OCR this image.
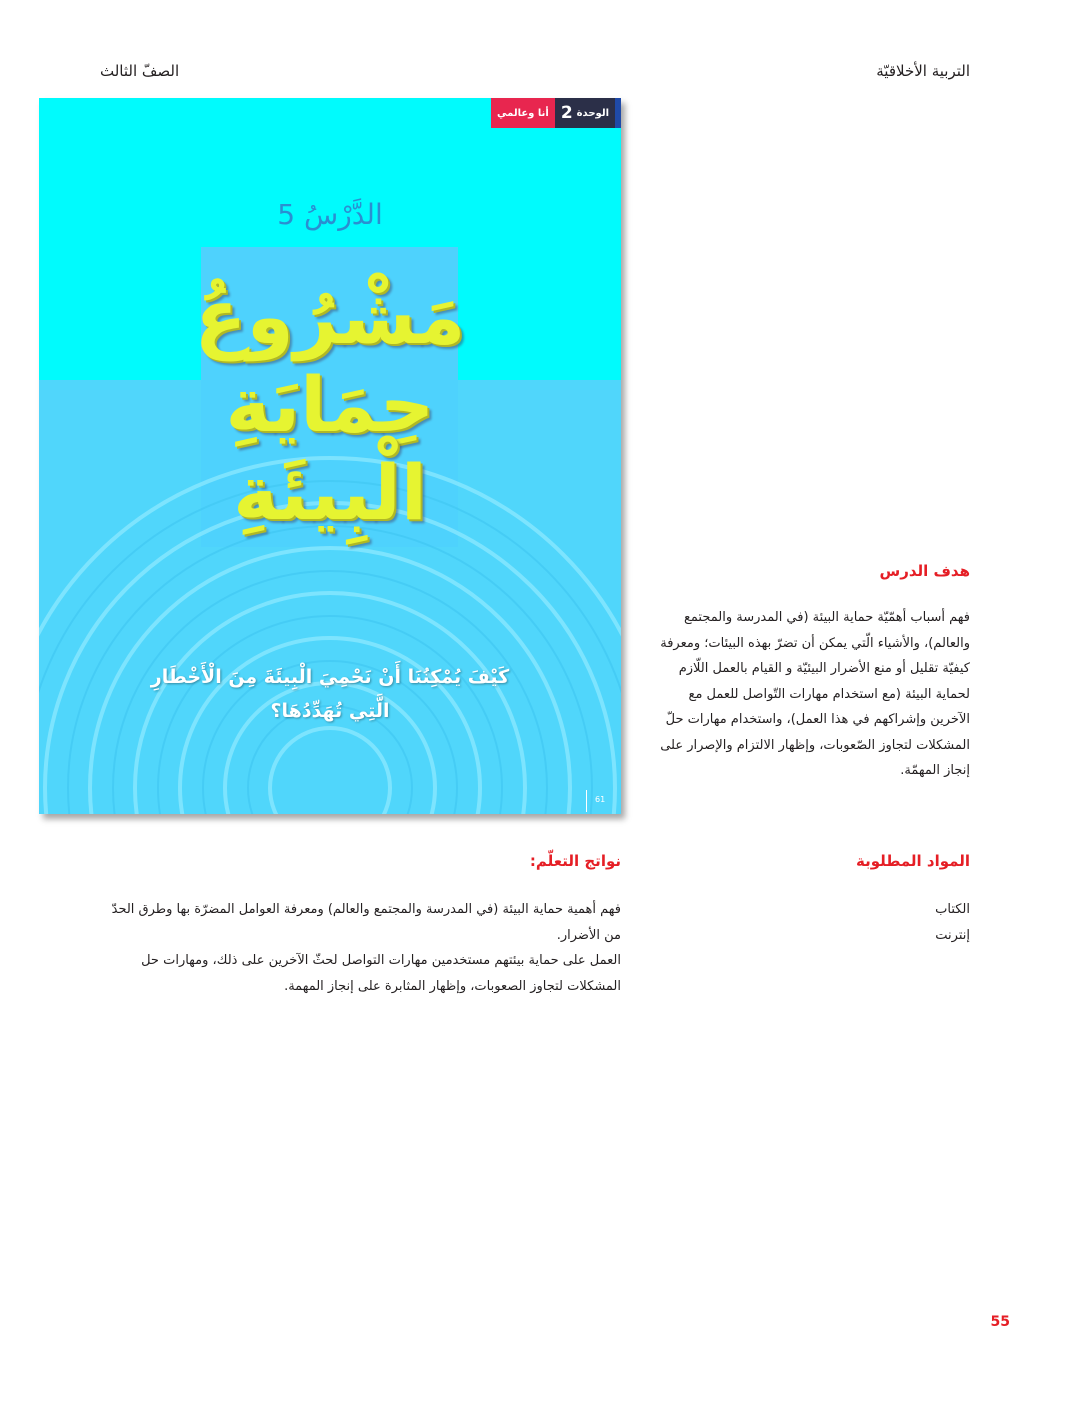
التربية الأخلاقيّة
الصفّ الثالث
الوحدة
2
أنا وعالمي
الدَّرْسُ 5
مَشْرُوعُ
حِمَايَةِ
الْبِيئَةِ
كَيْفَ يُمْكِنُنَا أَنْ نَحْمِيَ الْبِيئَةَ مِنَ الْأَخْطَارِ
الَّتِي تُهَدِّدُهَا؟
61
هدف الدرس
فهم أسباب أهمّيّة حماية البيئة (في المدرسة والمجتمع
والعالم)، والأشياء الّتي يمكن أن تضرّ بهذه البيئات؛ ومعرفة
كيفيّة تقليل أو منع الأضرار البيئيّة و القيام بالعمل اللّازم
لحماية البيئة (مع استخدام مهارات التّواصل للعمل مع
الآخرين وإشراكهم في هذا العمل)، واستخدام مهارات حلّ
المشكلات لتجاوز الصّعوبات، وإظهار الالتزام والإصرار على
إنجاز المهمّة.
المواد المطلوبة
الكتاب
إنترنت
نواتج التعلّم:
فهم أهمية حماية البيئة (في المدرسة والمجتمع والعالم) ومعرفة العوامل المضرّة بها وطرق الحدّ
من الأضرار.
العمل على حماية بيئتهم مستخدمين مهارات التواصل لحثّ الآخرين على ذلك، ومهارات حل
المشكلات لتجاوز الصعوبات، وإظهار المثابرة على إنجاز المهمة.
55
